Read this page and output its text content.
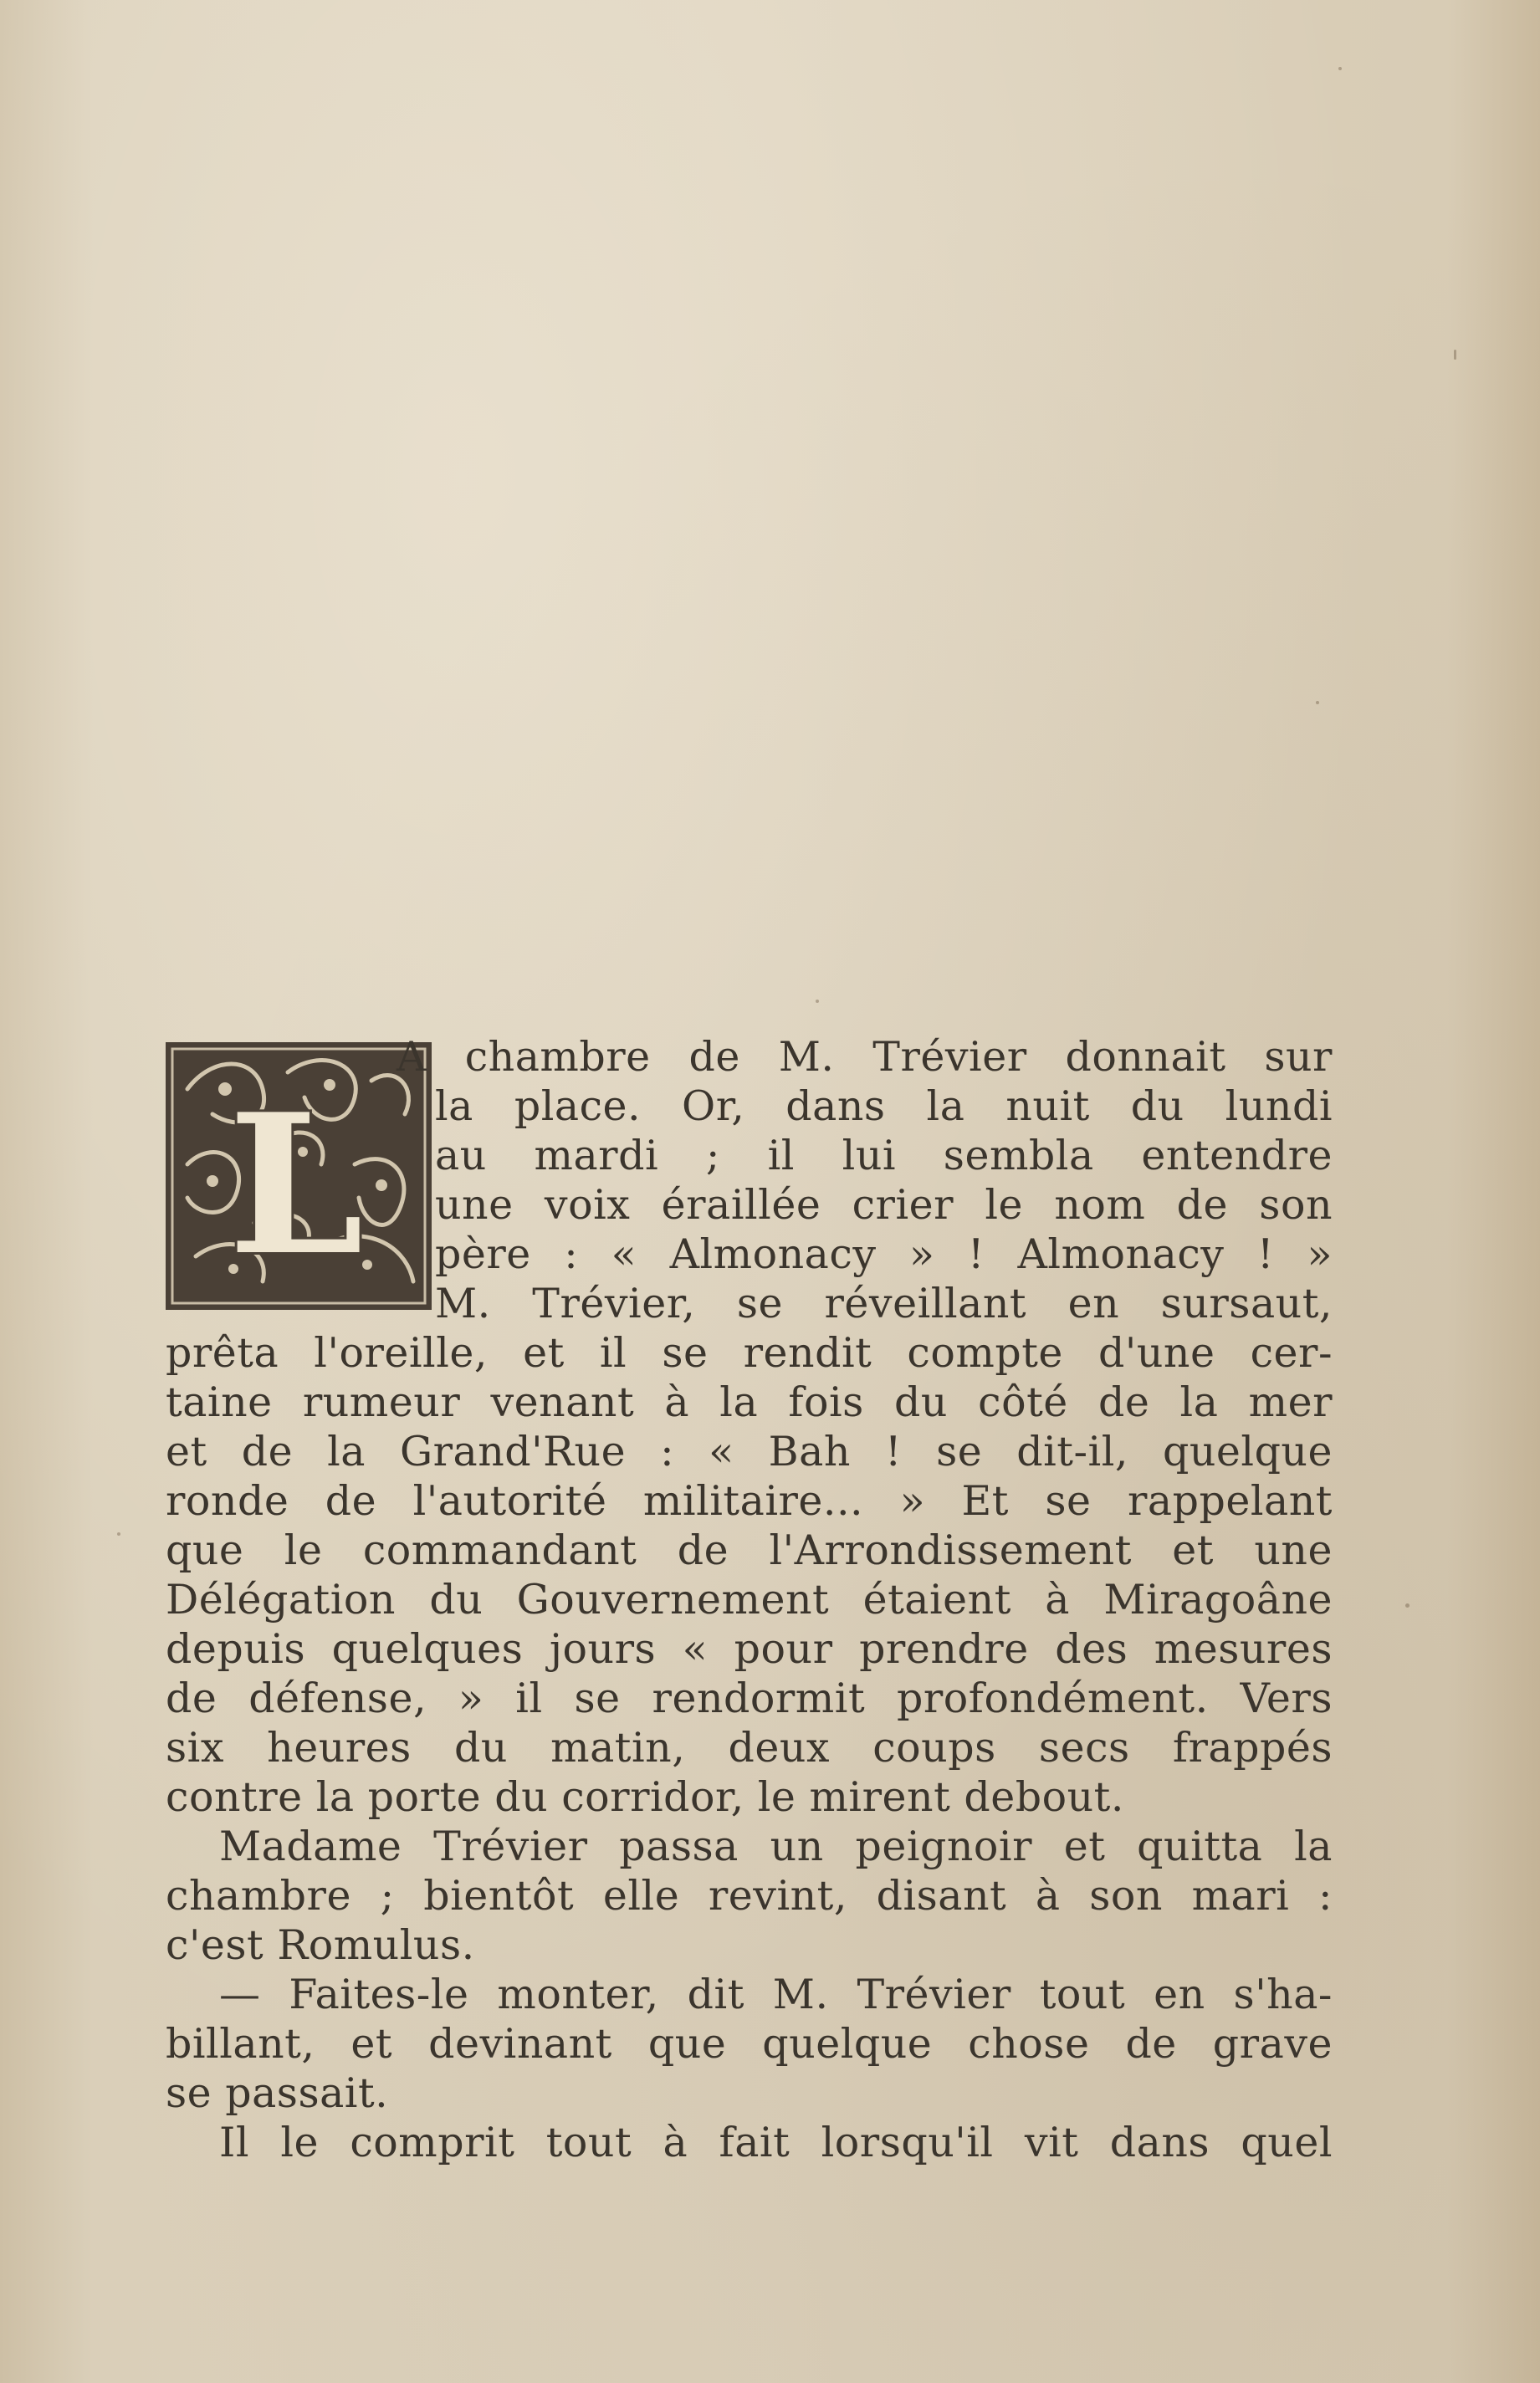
L
A chambre de M. Trévier donnait sur
la place. Or, dans la nuit du lundi
au mardi ; il lui sembla entendre
une voix éraillée crier le nom de son
père : « Almonacy » ! Almonacy ! »
M. Trévier, se réveillant en sursaut,
prêta l'oreille, et il se rendit compte d'une cer-
taine rumeur venant à la fois du côté de la mer
et de la Grand'Rue : « Bah ! se dit-il, quelque
ronde de l'autorité militaire... » Et se rappelant
que le commandant de l'Arrondissement et une
Délégation du Gouvernement étaient à Miragoâne
depuis quelques jours « pour prendre des mesures
de défense, » il se rendormit profondément. Vers
six heures du matin, deux coups secs frappés
contre la porte du corridor, le mirent debout.
Madame Trévier passa un peignoir et quitta la
chambre ; bientôt elle revint, disant à son mari :
c'est Romulus.
— Faites-le monter, dit M. Trévier tout en s'ha-
billant, et devinant que quelque chose de grave
se passait.
Il le comprit tout à fait lorsqu'il vit dans quel
